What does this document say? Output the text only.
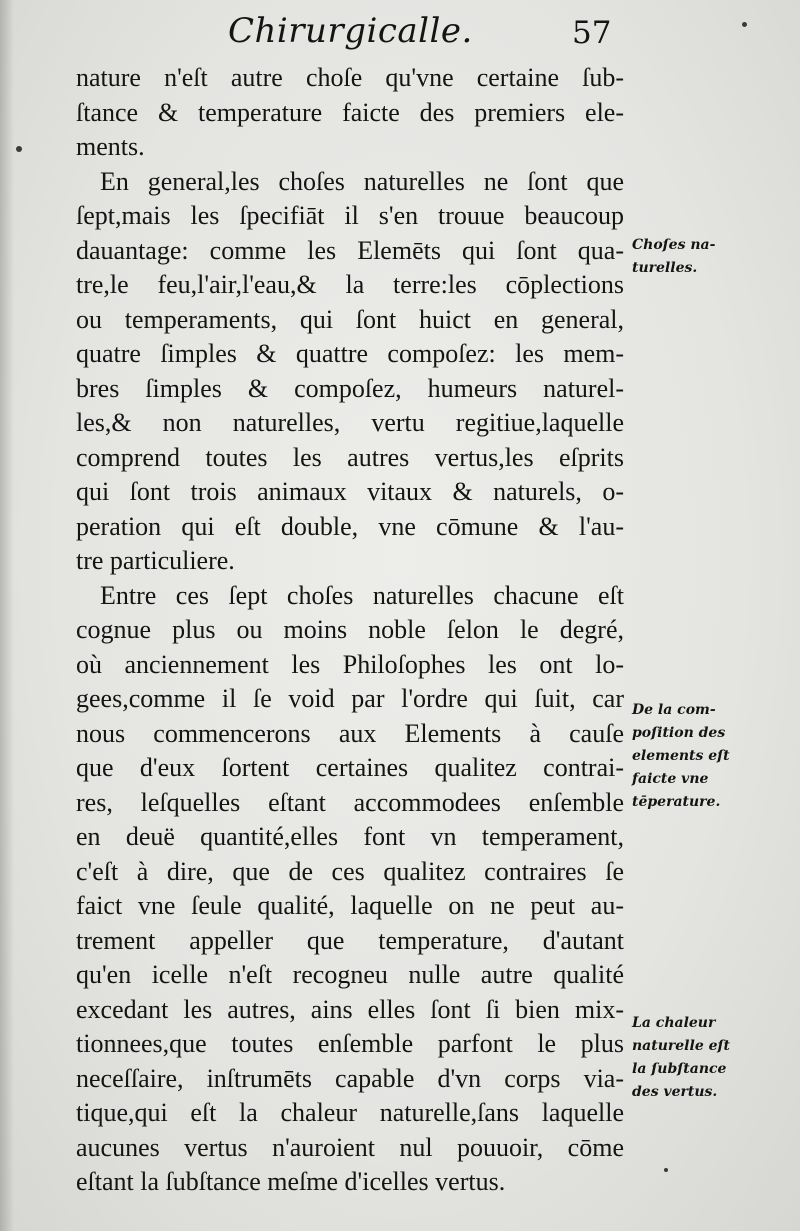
Chirurgicalle.	57
nature n'eſt autre choſe qu'vne certaine ſub-
ſtance & temperature faicte des premiers ele-
ments.
En general,les choſes naturelles ne ſont que
ſept,mais les ſpecifiāt il s'en trouue beaucoup
dauantage: comme les Elemēts qui ſont qua-
tre,le feu,l'air,l'eau,& la terre:les cōplections
ou temperaments, qui ſont huict en general,
quatre ſimples & quattre compoſez: les mem-
bres ſimples & compoſez, humeurs naturel-
les,& non naturelles, vertu regitiue,laquelle
comprend toutes les autres vertus,les eſprits
qui ſont trois animaux vitaux & naturels, o-
peration qui eſt double, vne cōmune & l'au-
tre particuliere.
Entre ces ſept choſes naturelles chacune eſt
cognue plus ou moins noble ſelon le degré,
où anciennement les Philoſophes les ont lo-
gees,comme il ſe void par l'ordre qui ſuit, car
nous commencerons aux Elements à cauſe
que d'eux ſortent certaines qualitez contrai-
res, leſquelles eſtant accommodees enſemble
en deuë quantité,elles font vn temperament,
c'eſt à dire, que de ces qualitez contraires ſe
faict vne ſeule qualité, laquelle on ne peut au-
trement appeller que temperature, d'autant
qu'en icelle n'eſt recogneu nulle autre qualité
excedant les autres, ains elles ſont ſi bien mix-
tionnees,que toutes enſemble parfont le plus
neceſſaire, inſtrumēts capable d'vn corps via-
tique,qui eſt la chaleur naturelle,ſans laquelle
aucunes vertus n'auroient nul pouuoir, cōme
eſtant la ſubſtance meſme d'icelles vertus.
Choſes na-
turelles.
De la com-
poſition des
elements eſt
faicte vne
tēperature.
La chaleur
naturelle eſt
la ſubſtance
des vertus.
